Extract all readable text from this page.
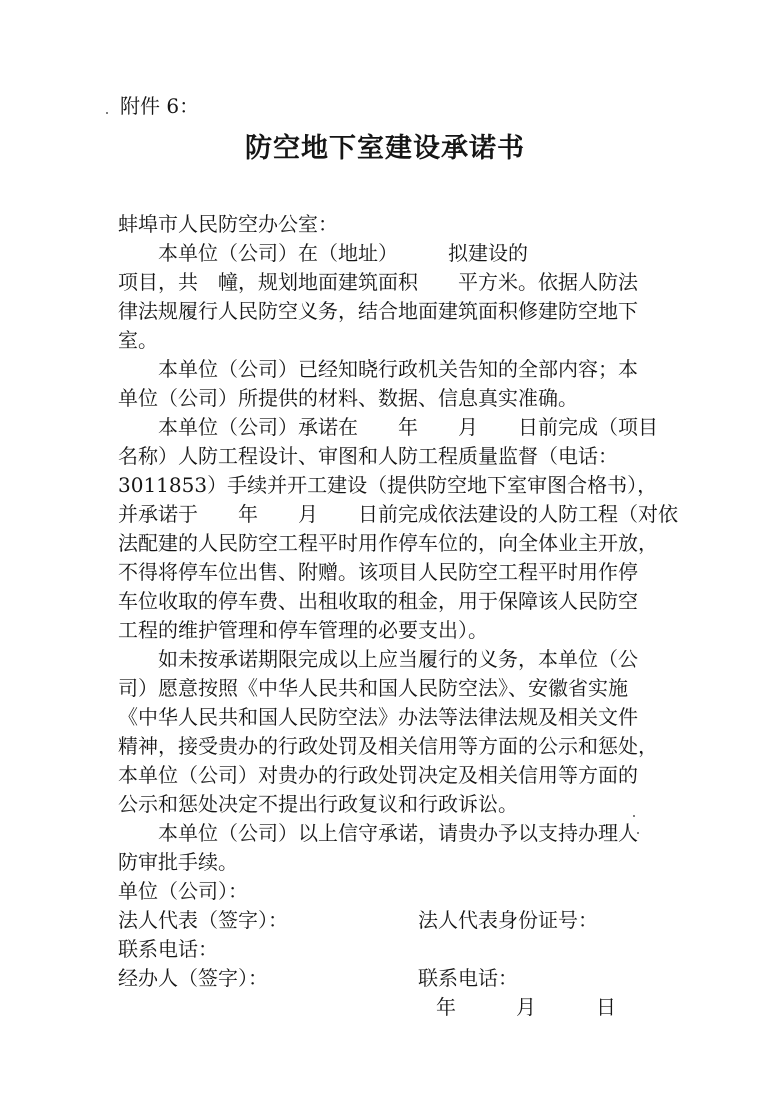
附件 6：

防空地下室建设承诺书

蚌埠市人民防空办公室：

　　本单位（公司）在（地址）　　　拟建设的

项目，共　幢，规划地面建筑面积　　平方米。依据人防法

律法规履行人民防空义务，结合地面建筑面积修建防空地下

室。

　　本单位（公司）已经知晓行政机关告知的全部内容；本

单位（公司）所提供的材料、数据、信息真实准确。

　　本单位（公司）承诺在　　年　　月　　日前完成（项目

名称）人防工程设计、审图和人防工程质量监督（电话：

3011853）手续并开工建设（提供防空地下室审图合格书），

并承诺于　　年　　月　　日前完成依法建设的人防工程（对依

法配建的人民防空工程平时用作停车位的，向全体业主开放，

不得将停车位出售、附赠。该项目人民防空工程平时用作停

车位收取的停车费、出租收取的租金，用于保障该人民防空

工程的维护管理和停车管理的必要支出）。

　　如未按承诺期限完成以上应当履行的义务，本单位（公

司）愿意按照《中华人民共和国人民防空法》、安徽省实施

《中华人民共和国人民防空法》办法等法律法规及相关文件

精神，接受贵办的行政处罚及相关信用等方面的公示和惩处，

本单位（公司）对贵办的行政处罚决定及相关信用等方面的

公示和惩处决定不提出行政复议和行政诉讼。

　　本单位（公司）以上信守承诺，请贵办予以支持办理人

防审批手续。

单位（公司）：

法人代表（签字）：	法人代表身份证号：

联系电话：

经办人（签字）：	联系电话：

年　　　月　　　日
